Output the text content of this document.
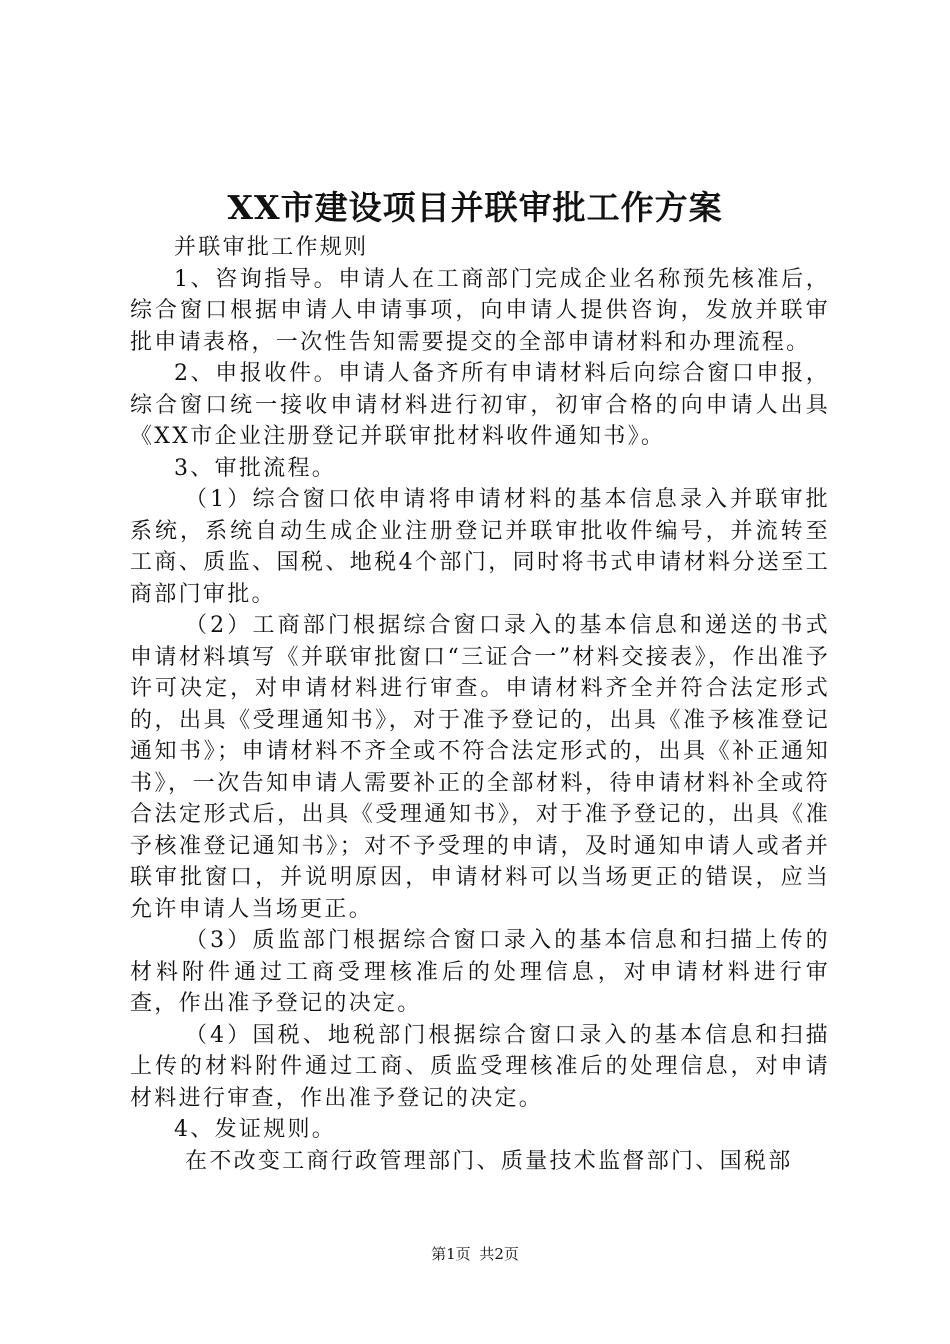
XX市建设项目并联审批工作方案

并联审批工作规则

1、咨询指导。申请人在工商部门完成企业名称预先核准后，综合窗口根据申请人申请事项，向申请人提供咨询，发放并联审批申请表格，一次性告知需要提交的全部申请材料和办理流程。

2、申报收件。申请人备齐所有申请材料后向综合窗口申报，综合窗口统一接收申请材料进行初审，初审合格的向申请人出具《XX市企业注册登记并联审批材料收件通知书》。

3、审批流程。

（1）综合窗口依申请将申请材料的基本信息录入并联审批系统，系统自动生成企业注册登记并联审批收件编号，并流转至工商、质监、国税、地税4个部门，同时将书式申请材料分送至工商部门审批。

（2）工商部门根据综合窗口录入的基本信息和递送的书式申请材料填写《并联审批窗口“三证合一”材料交接表》，作出准予许可决定，对申请材料进行审查。申请材料齐全并符合法定形式的，出具《受理通知书》，对于准予登记的，出具《准予核准登记通知书》；申请材料不齐全或不符合法定形式的，出具《补正通知书》，一次告知申请人需要补正的全部材料，待申请材料补全或符合法定形式后，出具《受理通知书》，对于准予登记的，出具《准予核准登记通知书》；对不予受理的申请，及时通知申请人或者并联审批窗口，并说明原因，申请材料可以当场更正的错误，应当允许申请人当场更正。

（3）质监部门根据综合窗口录入的基本信息和扫描上传的材料附件通过工商受理核准后的处理信息，对申请材料进行审查，作出准予登记的决定。

（4）国税、地税部门根据综合窗口录入的基本信息和扫描上传的材料附件通过工商、质监受理核准后的处理信息，对申请材料进行审查，作出准予登记的决定。

4、发证规则。

在不改变工商行政管理部门、质量技术监督部门、国税部

第1页 共2页
